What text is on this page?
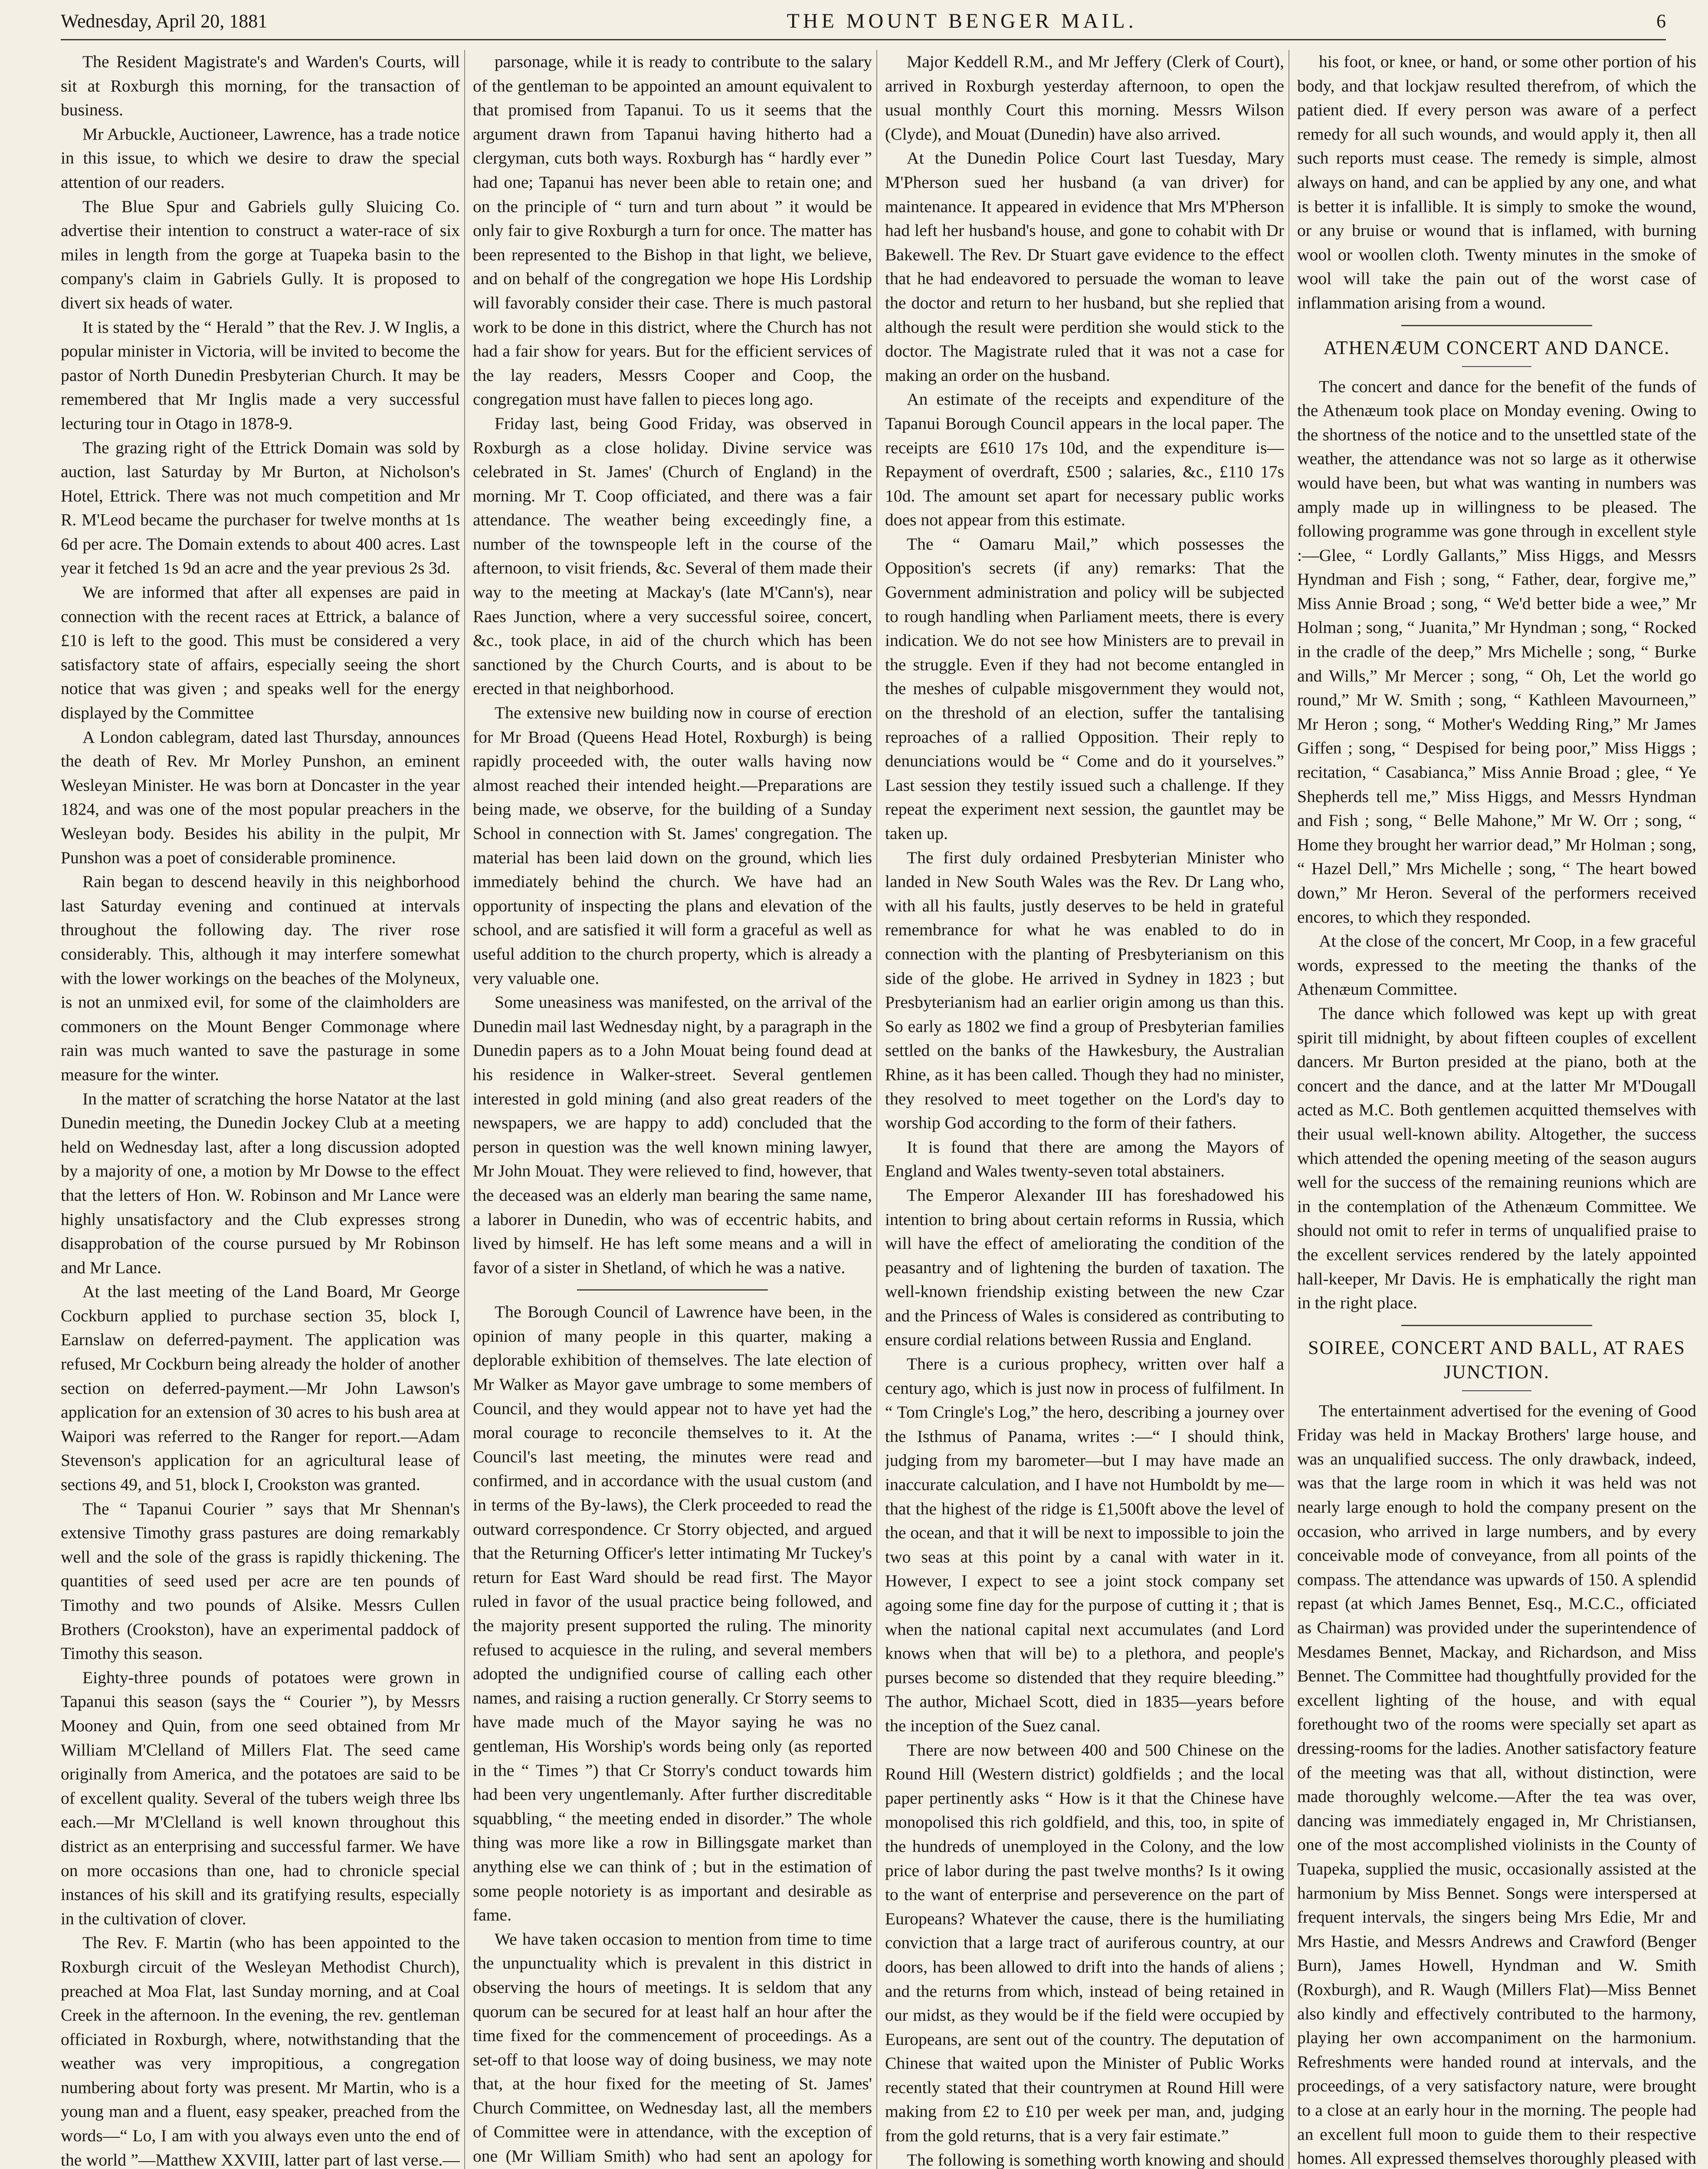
Wednesday, April 20, 1881	THE MOUNT BENGER MAIL.	6

The Resident Magistrate's and Warden's Courts, will sit at Roxburgh this morning, for the transaction of business.

Mr Arbuckle, Auctioneer, Lawrence, has a trade notice in this issue, to which we desire to draw the special attention of our readers.

The Blue Spur and Gabriels gully Sluicing Co. advertise their intention to construct a water-race of six miles in length from the gorge at Tuapeka basin to the company's claim in Gabriels Gully. It is proposed to divert six heads of water.

It is stated by the “ Herald ” that the Rev. J. W Inglis, a popular minister in Victoria, will be invited to become the pastor of North Dunedin Presbyterian Church. It may be remembered that Mr Inglis made a very successful lecturing tour in Otago in 1878-9.

The grazing right of the Ettrick Domain was sold by auction, last Saturday by Mr Burton, at Nicholson's Hotel, Ettrick. There was not much competition and Mr R. M'Leod became the purchaser for twelve months at 1s 6d per acre. The Domain extends to about 400 acres. Last year it fetched 1s 9d an acre and the year previous 2s 3d.

We are informed that after all expenses are paid in connection with the recent races at Ettrick, a balance of £10 is left to the good. This must be considered a very satisfactory state of affairs, especially seeing the short notice that was given ; and speaks well for the energy displayed by the Committee

A London cablegram, dated last Thursday, announces the death of Rev. Mr Morley Punshon, an eminent Wesleyan Minister. He was born at Doncaster in the year 1824, and was one of the most popular preachers in the Wesleyan body. Besides his ability in the pulpit, Mr Punshon was a poet of considerable prominence.

Rain began to descend heavily in this neighborhood last Saturday evening and continued at intervals throughout the following day. The river rose considerably. This, although it may interfere somewhat with the lower workings on the beaches of the Molyneux, is not an unmixed evil, for some of the claimholders are commoners on the Mount Benger Commonage where rain was much wanted to save the pasturage in some measure for the winter.

In the matter of scratching the horse Natator at the last Dunedin meeting, the Dunedin Jockey Club at a meeting held on Wednesday last, after a long discussion adopted by a majority of one, a motion by Mr Dowse to the effect that the letters of Hon. W. Robinson and Mr Lance were highly unsatisfactory and the Club expresses strong disapprobation of the course pursued by Mr Robinson and Mr Lance.

At the last meeting of the Land Board, Mr George Cockburn applied to purchase section 35, block I, Earnslaw on deferred-payment. The application was refused, Mr Cockburn being already the holder of another section on deferred-payment.—Mr John Lawson's application for an extension of 30 acres to his bush area at Waipori was referred to the Ranger for report.—Adam Stevenson's application for an agricultural lease of sections 49, and 51, block I, Crookston was granted.

The “ Tapanui Courier ” says that Mr Shennan's extensive Timothy grass pastures are doing remarkably well and the sole of the grass is rapidly thickening. The quantities of seed used per acre are ten pounds of Timothy and two pounds of Alsike. Messrs Cullen Brothers (Crookston), have an experimental paddock of Timothy this season.

Eighty-three pounds of potatoes were grown in Tapanui this season (says the “ Courier ”), by Messrs Mooney and Quin, from one seed obtained from Mr William M'Clelland of Millers Flat. The seed came originally from America, and the potatoes are said to be of excellent quality. Several of the tubers weigh three lbs each.—Mr M'Clelland is well known throughout this district as an enterprising and successful farmer. We have on more occasions than one, had to chronicle special instances of his skill and its gratifying results, especially in the cultivation of clover.

The Rev. F. Martin (who has been appointed to the Roxburgh circuit of the Wesleyan Methodist Church), preached at Moa Flat, last Sunday morning, and at Coal Creek in the afternoon. In the evening, the rev. gentleman officiated in Roxburgh, where, notwithstanding that the weather was very impropitious, a congregation numbering about forty was present. Mr Martin, who is a young man and a fluent, easy speaker, preached from the words—“ Lo, I am with you always even unto the end of the world ”—Matthew XXVIII, latter part of last verse.—

parsonage, while it is ready to contribute to the salary of the gentleman to be appointed an amount equivalent to that promised from Tapanui. To us it seems that the argument drawn from Tapanui having hitherto had a clergyman, cuts both ways. Roxburgh has “ hardly ever ” had one; Tapanui has never been able to retain one; and on the principle of “ turn and turn about ” it would be only fair to give Roxburgh a turn for once. The matter has been represented to the Bishop in that light, we believe, and on behalf of the congregation we hope His Lordship will favorably consider their case. There is much pastoral work to be done in this district, where the Church has not had a fair show for years. But for the efficient services of the lay readers, Messrs Cooper and Coop, the congregation must have fallen to pieces long ago.

Friday last, being Good Friday, was observed in Roxburgh as a close holiday. Divine service was celebrated in St. James' (Church of England) in the morning. Mr T. Coop officiated, and there was a fair attendance. The weather being exceedingly fine, a number of the townspeople left in the course of the afternoon, to visit friends, &c. Several of them made their way to the meeting at Mackay's (late M'Cann's), near Raes Junction, where a very successful soiree, concert, &c., took place, in aid of the church which has been sanctioned by the Church Courts, and is about to be erected in that neighborhood.

The extensive new building now in course of erection for Mr Broad (Queens Head Hotel, Roxburgh) is being rapidly proceeded with, the outer walls having now almost reached their intended height.—Preparations are being made, we observe, for the building of a Sunday School in connection with St. James' congregation. The material has been laid down on the ground, which lies immediately behind the church. We have had an opportunity of inspecting the plans and elevation of the school, and are satisfied it will form a graceful as well as useful addition to the church property, which is already a very valuable one.

Some uneasiness was manifested, on the arrival of the Dunedin mail last Wednesday night, by a paragraph in the Dunedin papers as to a John Mouat being found dead at his residence in Walker-street. Several gentlemen interested in gold mining (and also great readers of the newspapers, we are happy to add) concluded that the person in question was the well known mining lawyer, Mr John Mouat. They were relieved to find, however, that the deceased was an elderly man bearing the same name, a laborer in Dunedin, who was of eccentric habits, and lived by himself. He has left some means and a will in favor of a sister in Shetland, of which he was a native.

The Borough Council of Lawrence have been, in the opinion of many people in this quarter, making a deplorable exhibition of themselves. The late election of Mr Walker as Mayor gave umbrage to some members of Council, and they would appear not to have yet had the moral courage to reconcile themselves to it. At the Council's last meeting, the minutes were read and confirmed, and in accordance with the usual custom (and in terms of the By-laws), the Clerk proceeded to read the outward correspondence. Cr Storry objected, and argued that the Returning Officer's letter intimating Mr Tuckey's return for East Ward should be read first. The Mayor ruled in favor of the usual practice being followed, and the majority present supported the ruling. The minority refused to acquiesce in the ruling, and several members adopted the undignified course of calling each other names, and raising a ruction generally. Cr Storry seems to have made much of the Mayor saying he was no gentleman, His Worship's words being only (as reported in the “ Times ”) that Cr Storry's conduct towards him had been very ungentlemanly. After further discreditable squabbling, “ the meeting ended in disorder.” The whole thing was more like a row in Billingsgate market than anything else we can think of ; but in the estimation of some people notoriety is as important and desirable as fame.

We have taken occasion to mention from time to time the unpunctuality which is prevalent in this district in observing the hours of meetings. It is seldom that any quorum can be secured for at least half an hour after the time fixed for the commencement of proceedings. As a set-off to that loose way of doing business, we may note that, at the hour fixed for the meeting of St. James' Church Committee, on Wednesday last, all the members of Committee were in attendance, with the exception of one (Mr William Smith) who had sent an apology for

Major Keddell R.M., and Mr Jeffery (Clerk of Court), arrived in Roxburgh yesterday afternoon, to open the usual monthly Court this morning. Messrs Wilson (Clyde), and Mouat (Dunedin) have also arrived.

At the Dunedin Police Court last Tuesday, Mary M'Pherson sued her husband (a van driver) for maintenance. It appeared in evidence that Mrs M'Pherson had left her husband's house, and gone to cohabit with Dr Bakewell. The Rev. Dr Stuart gave evidence to the effect that he had endeavored to persuade the woman to leave the doctor and return to her husband, but she replied that although the result were perdition she would stick to the doctor. The Magistrate ruled that it was not a case for making an order on the husband.

An estimate of the receipts and expenditure of the Tapanui Borough Council appears in the local paper. The receipts are £610 17s 10d, and the expenditure is—Repayment of overdraft, £500 ; salaries, &c., £110 17s 10d. The amount set apart for necessary public works does not appear from this estimate.

The “ Oamaru Mail,” which possesses the Opposition's secrets (if any) remarks: That the Government administration and policy will be subjected to rough handling when Parliament meets, there is every indication. We do not see how Ministers are to prevail in the struggle. Even if they had not become entangled in the meshes of culpable misgovernment they would not, on the threshold of an election, suffer the tantalising reproaches of a rallied Opposition. Their reply to denunciations would be “ Come and do it yourselves.” Last session they testily issued such a challenge. If they repeat the experiment next session, the gauntlet may be taken up.

The first duly ordained Presbyterian Minister who landed in New South Wales was the Rev. Dr Lang who, with all his faults, justly deserves to be held in grateful remembrance for what he was enabled to do in connection with the planting of Presbyterianism on this side of the globe. He arrived in Sydney in 1823 ; but Presbyterianism had an earlier origin among us than this. So early as 1802 we find a group of Presbyterian families settled on the banks of the Hawkesbury, the Australian Rhine, as it has been called. Though they had no minister, they resolved to meet together on the Lord's day to worship God according to the form of their fathers.

It is found that there are among the Mayors of England and Wales twenty-seven total abstainers.

The Emperor Alexander III has foreshadowed his intention to bring about certain reforms in Russia, which will have the effect of ameliorating the condition of the peasantry and of lightening the burden of taxation. The well-known friendship existing between the new Czar and the Princess of Wales is considered as contributing to ensure cordial relations between Russia and England.

There is a curious prophecy, written over half a century ago, which is just now in process of fulfilment. In “ Tom Cringle's Log,” the hero, describing a journey over the Isthmus of Panama, writes :—“ I should think, judging from my barometer—but I may have made an inaccurate calculation, and I have not Humboldt by me—that the highest of the ridge is £1,500ft above the level of the ocean, and that it will be next to impossible to join the two seas at this point by a canal with water in it. However, I expect to see a joint stock company set agoing some fine day for the purpose of cutting it ; that is when the national capital next accumulates (and Lord knows when that will be) to a plethora, and people's purses become so distended that they require bleeding.” The author, Michael Scott, died in 1835—years before the inception of the Suez canal.

There are now between 400 and 500 Chinese on the Round Hill (Western district) goldfields ; and the local paper pertinently asks “ How is it that the Chinese have monopolised this rich goldfield, and this, too, in spite of the hundreds of unemployed in the Colony, and the low price of labor during the past twelve months? Is it owing to the want of enterprise and perseverence on the part of Europeans? Whatever the cause, there is the humiliating conviction that a large tract of auriferous country, at our doors, has been allowed to drift into the hands of aliens ; and the returns from which, instead of being retained in our midst, as they would be if the field were occupied by Europeans, are sent out of the country. The deputation of Chinese that waited upon the Minister of Public Works recently stated that their countrymen at Round Hill were making from £2 to £10 per week per man, and, judging from the gold returns, that is a very fair estimate.”

The following is something worth knowing and should

his foot, or knee, or hand, or some other portion of his body, and that lockjaw resulted therefrom, of which the patient died. If every person was aware of a perfect remedy for all such wounds, and would apply it, then all such reports must cease. The remedy is simple, almost always on hand, and can be applied by any one, and what is better it is infallible. It is simply to smoke the wound, or any bruise or wound that is inflamed, with burning wool or woollen cloth. Twenty minutes in the smoke of wool will take the pain out of the worst case of inflammation arising from a wound.

ATHENÆUM CONCERT AND DANCE.

The concert and dance for the benefit of the funds of the Athenæum took place on Monday evening. Owing to the shortness of the notice and to the unsettled state of the weather, the attendance was not so large as it otherwise would have been, but what was wanting in numbers was amply made up in willingness to be pleased. The following programme was gone through in excellent style :—Glee, “ Lordly Gallants,” Miss Higgs, and Messrs Hyndman and Fish ; song, “ Father, dear, forgive me,” Miss Annie Broad ; song, “ We'd better bide a wee,” Mr Holman ; song, “ Juanita,” Mr Hyndman ; song, “ Rocked in the cradle of the deep,” Mrs Michelle ; song, “ Burke and Wills,” Mr Mercer ; song, “ Oh, Let the world go round,” Mr W. Smith ; song, “ Kathleen Mavourneen,” Mr Heron ; song, “ Mother's Wedding Ring,” Mr James Giffen ; song, “ Despised for being poor,” Miss Higgs ; recitation, “ Casabianca,” Miss Annie Broad ; glee, “ Ye Shepherds tell me,” Miss Higgs, and Messrs Hyndman and Fish ; song, “ Belle Mahone,” Mr W. Orr ; song, “ Home they brought her warrior dead,” Mr Holman ; song, “ Hazel Dell,” Mrs Michelle ; song, “ The heart bowed down,” Mr Heron. Several of the performers received encores, to which they responded.

At the close of the concert, Mr Coop, in a few graceful words, expressed to the meeting the thanks of the Athenæum Committee.

The dance which followed was kept up with great spirit till midnight, by about fifteen couples of excellent dancers. Mr Burton presided at the piano, both at the concert and the dance, and at the latter Mr M'Dougall acted as M.C. Both gentlemen acquitted themselves with their usual well-known ability. Altogether, the success which attended the opening meeting of the season augurs well for the success of the remaining reunions which are in the contemplation of the Athenæum Committee. We should not omit to refer in terms of unqualified praise to the excellent services rendered by the lately appointed hall-keeper, Mr Davis. He is emphatically the right man in the right place.

SOIREE, CONCERT AND BALL, AT RAES JUNCTION.

The entertainment advertised for the evening of Good Friday was held in Mackay Brothers' large house, and was an unqualified success. The only drawback, indeed, was that the large room in which it was held was not nearly large enough to hold the company present on the occasion, who arrived in large numbers, and by every conceivable mode of conveyance, from all points of the compass. The attendance was upwards of 150. A splendid repast (at which James Bennet, Esq., M.C.C., officiated as Chairman) was provided under the superintendence of Mesdames Bennet, Mackay, and Richardson, and Miss Bennet. The Committee had thoughtfully provided for the excellent lighting of the house, and with equal forethought two of the rooms were specially set apart as dressing-rooms for the ladies. Another satisfactory feature of the meeting was that all, without distinction, were made thoroughly welcome.—After the tea was over, dancing was immediately engaged in, Mr Christiansen, one of the most accomplished violinists in the County of Tuapeka, supplied the music, occasionally assisted at the harmonium by Miss Bennet. Songs were interspersed at frequent intervals, the singers being Mrs Edie, Mr and Mrs Hastie, and Messrs Andrews and Crawford (Benger Burn), James Howell, Hyndman and W. Smith (Roxburgh), and R. Waugh (Millers Flat)—Miss Bennet also kindly and effectively contributed to the harmony, playing her own accompaniment on the harmonium. Refreshments were handed round at intervals, and the proceedings, of a very satisfactory nature, were brought to a close at an early hour in the morning. The people had an excellent full moon to guide them to their respective homes. All expressed themselves thoroughly pleased with
